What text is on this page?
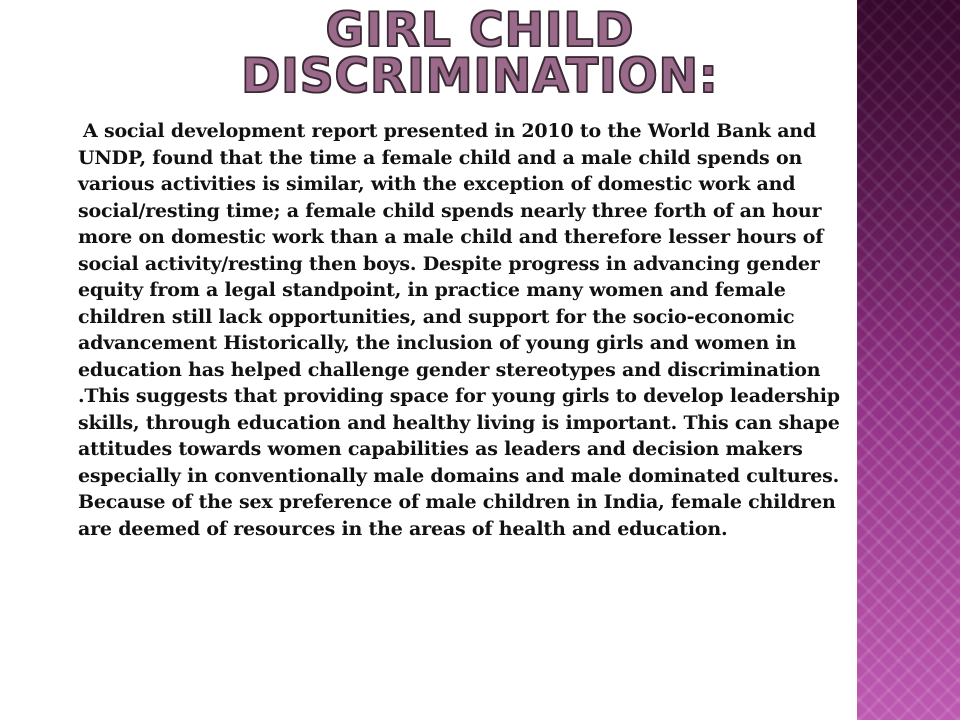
GIRL CHILD
DISCRIMINATION:

A social development report presented in 2010 to the World Bank and UNDP, found that the time a female child and a male child spends on various activities is similar, with the exception of domestic work and social/resting time; a female child spends nearly three forth of an hour more on domestic work than a male child and therefore lesser hours of social activity/resting then boys. Despite progress in advancing gender equity from a legal standpoint, in practice many women and female children still lack opportunities, and support for the socio-economic advancement Historically, the inclusion of young girls and women in education has helped challenge gender stereotypes and discrimination .This suggests that providing space for young girls to develop leadership skills, through education and healthy living is important. This can shape attitudes towards women capabilities as leaders and decision makers especially in conventionally male domains and male dominated cultures. Because of the sex preference of male children in India, female children are deemed of resources in the areas of health and education.
